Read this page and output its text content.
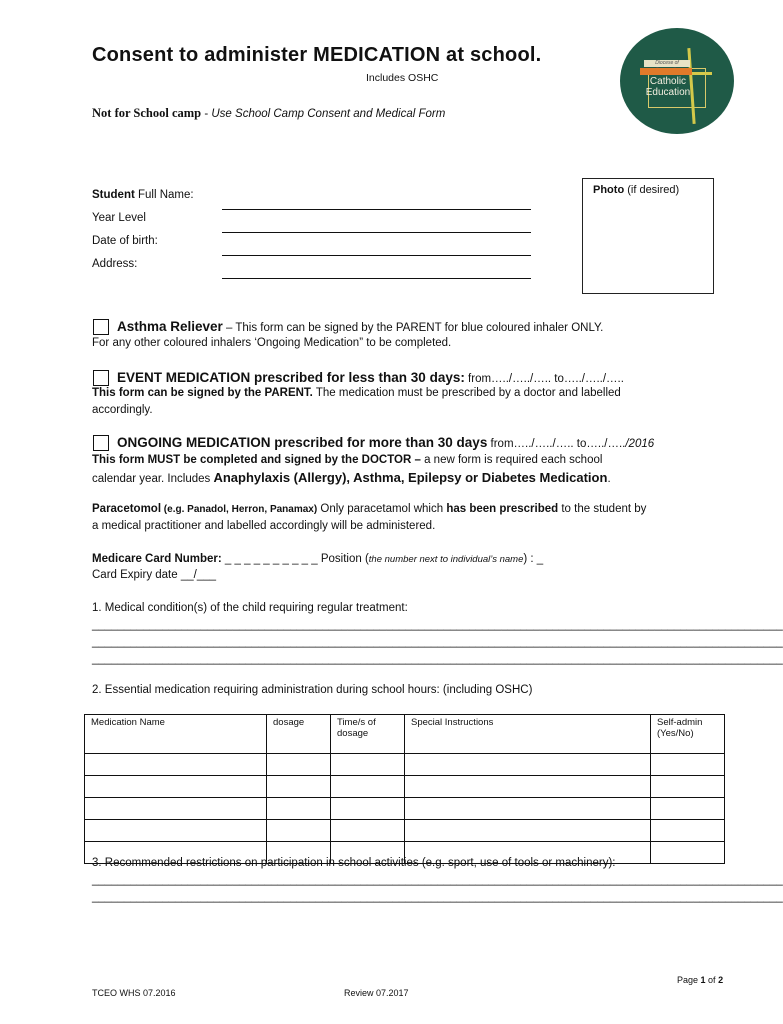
Consent to administer MEDICATION at school.
Includes OSHC
Not for School camp - Use School Camp Consent and Medical Form
Diocese of
Catholic
Education
Student Full Name:
Year Level
Date of birth:
Address:
Photo (if desired)
Asthma Reliever – This form can be signed by the PARENT for blue coloured inhaler ONLY.
For any other coloured inhalers ‘Ongoing Medication” to be completed.
EVENT MEDICATION prescribed for less than 30 days: from…../…../….. to…../…../…..
This form can be signed by the PARENT. The medication must be prescribed by a doctor and labelled
accordingly.
ONGOING MEDICATION prescribed for more than 30 days from…../…../….. to…../…../2016
This form MUST be completed and signed by the DOCTOR – a new form is required each school
calendar year. Includes Anaphylaxis (Allergy), Asthma, Epilepsy or Diabetes Medication.
Paracetomol (e.g. Panadol, Herron, Panamax) Only paracetamol which has been prescribed to the student by
a medical practitioner and labelled accordingly will be administered.
Medicare Card Number: _ _ _ _ _ _ _ _ _ _ Position (the number next to individual’s name) : _
Card Expiry date __/___
1. Medical condition(s) of the child requiring regular treatment:
____________________________________________________________________________________________________________
____________________________________________________________________________________________________________
____________________________________________________________________________________________________________
2. Essential medication requiring administration during school hours: (including OSHC)
Medication Name	dosage	Time/s of dosage	Special Instructions	Self-admin (Yes/No)

3. Recommended restrictions on participation in school activities (e.g. sport, use of tools or machinery):
____________________________________________________________________________________________________________
____________________________________________________________________________________________________________
Page 1 of 2
TCEO WHS 07.2016	Review 07.2017
